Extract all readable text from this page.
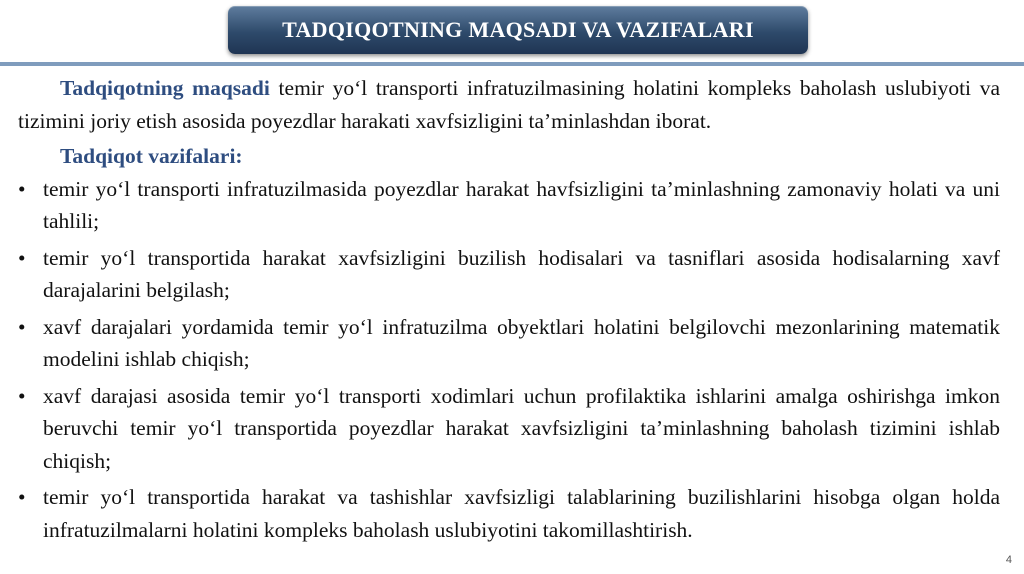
TADQIQOTNING MAQSADI VA VAZIFALARI

Tadqiqotning maqsadi temir yo‘l transporti infratuzilmasining holatini kompleks baholash uslubiyoti va tizimini joriy etish asosida poyezdlar harakati xavfsizligini ta’minlashdan iborat.

Tadqiqot vazifalari:
• temir yo‘l transporti infratuzilmasida poyezdlar harakat havfsizligini ta’minlashning zamonaviy holati va uni tahlili;
• temir yo‘l transportida harakat xavfsizligini buzilish hodisalari va tasniflari asosida hodisalarning xavf darajalarini belgilash;
• xavf darajalari yordamida temir yo‘l infratuzilma obyektlari holatini belgilovchi mezonlarining matematik modelini ishlab chiqish;
• xavf darajasi asosida temir yo‘l transporti xodimlari uchun profilaktika ishlarini amalga oshirishga imkon beruvchi temir yo‘l transportida poyezdlar harakat xavfsizligini ta’minlashning baholash tizimini ishlab chiqish;
• temir yo‘l transportida harakat va tashishlar xavfsizligi talablarining buzilishlarini hisobga olgan holda infratuzilmalarni holatini kompleks baholash uslubiyotini takomillashtirish.
4
